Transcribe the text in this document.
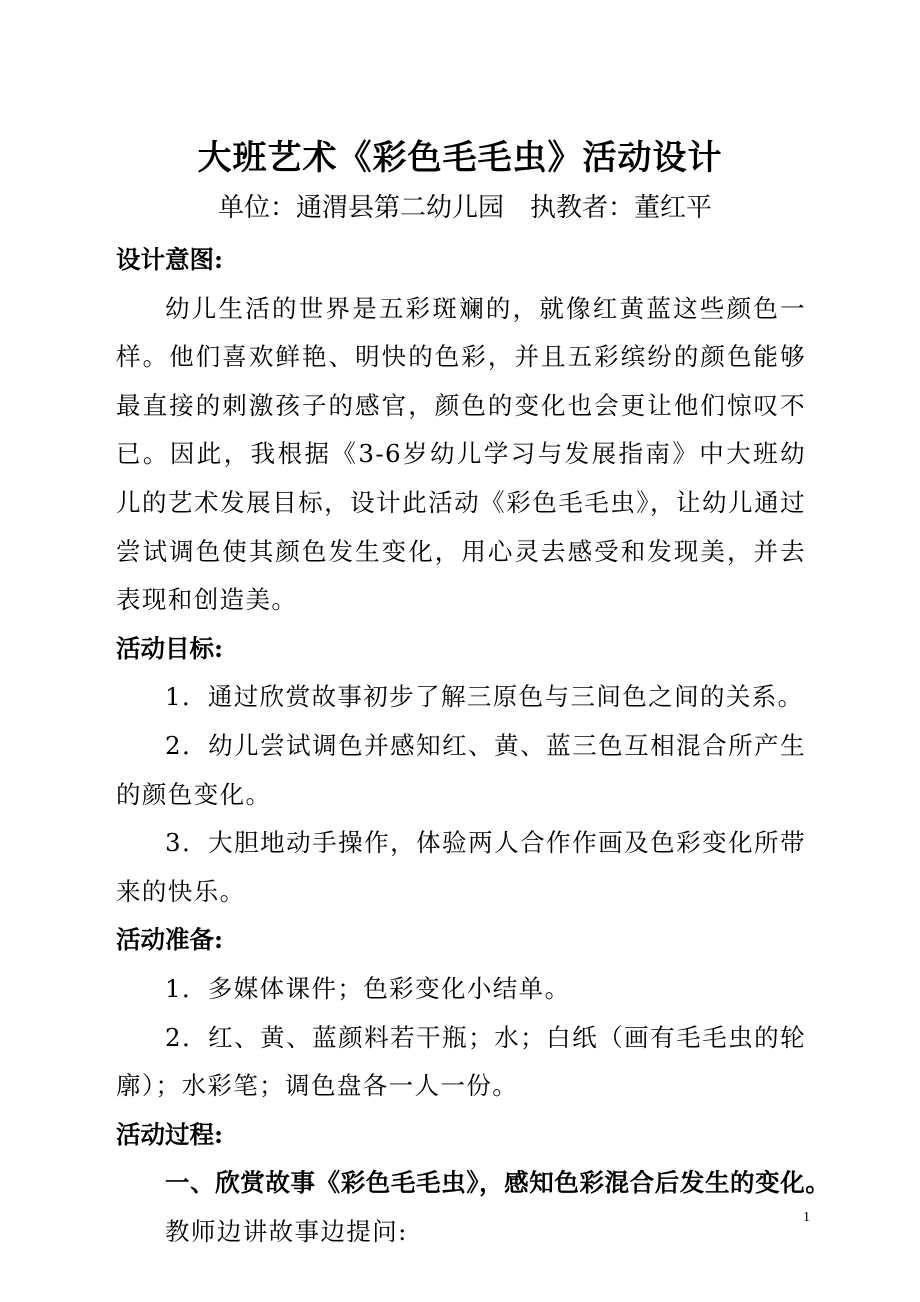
大班艺术《彩色毛毛虫》活动设计
单位：通渭县第二幼儿园　执教者：董红平

设计意图:

幼儿生活的世界是五彩斑斓的，就像红黄蓝这些颜色一样。他们喜欢鲜艳、明快的色彩，并且五彩缤纷的颜色能够最直接的刺激孩子的感官，颜色的变化也会更让他们惊叹不已。因此，我根据《3-6岁幼儿学习与发展指南》中大班幼儿的艺术发展目标，设计此活动《彩色毛毛虫》，让幼儿通过尝试调色使其颜色发生变化，用心灵去感受和发现美，并去表现和创造美。

活动目标:

1．通过欣赏故事初步了解三原色与三间色之间的关系。

2．幼儿尝试调色并感知红、黄、蓝三色互相混合所产生的颜色变化。

3．大胆地动手操作，体验两人合作作画及色彩变化所带来的快乐。

活动准备:

1．多媒体课件；色彩变化小结单。

2．红、黄、蓝颜料若干瓶；水；白纸（画有毛毛虫的轮廓）；水彩笔；调色盘各一人一份。

活动过程:

一、欣赏故事《彩色毛毛虫》，感知色彩混合后发生的变化。

教师边讲故事边提问:	1
